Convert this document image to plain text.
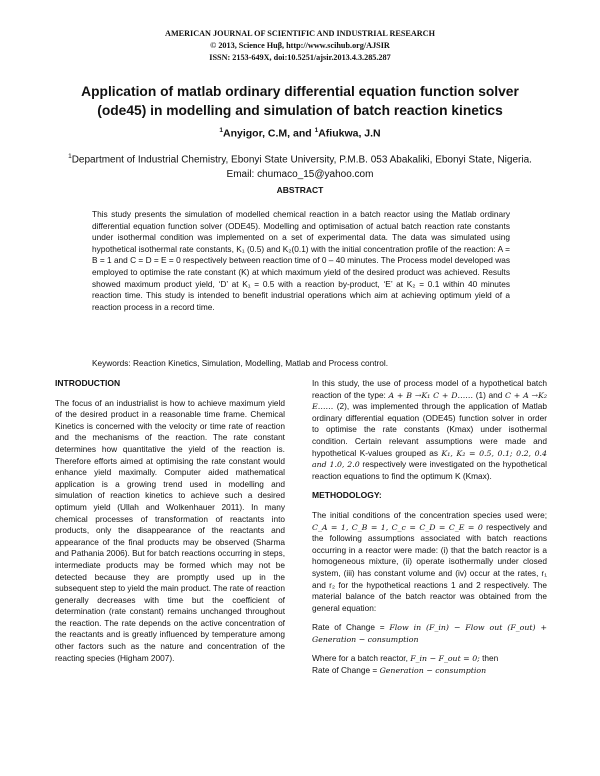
AMERICAN JOURNAL OF SCIENTIFIC AND INDUSTRIAL RESEARCH
© 2013, Science Huβ, http://www.scihub.org/AJSIR
ISSN: 2153-649X, doi:10.5251/ajsir.2013.4.3.285.287
Application of matlab ordinary differential equation function solver (ode45) in modelling and simulation of batch reaction kinetics
$^1$Anyigor, C.M, and $^1$Afiukwa, J.N
$^1$Department of Industrial Chemistry, Ebonyi State University, P.M.B. 053 Abakaliki, Ebonyi State, Nigeria. Email: chumaco_15@yahoo.com
ABSTRACT
This study presents the simulation of modelled chemical reaction in a batch reactor using the Matlab ordinary differential equation function solver (ODE45). Modelling and optimisation of actual batch reaction rate constants under isothermal condition was implemented on a set of experimental data. The data was simulated using hypothetical isothermal rate constants, K₁ (0.5) and K₂(0.1) with the initial concentration profile of the reaction: A = B = 1 and C = D = E = 0 respectively between reaction time of 0 – 40 minutes. The Process model developed was employed to optimise the rate constant (K) at which maximum yield of the desired product was achieved. Results showed maximum product yield, ‘D’ at K₁ = 0.5 with a reaction by-product, ‘E’ at K₂ = 0.1 within 40 minutes reaction time. This study is intended to benefit industrial operations which aim at achieving optimum yield of a reaction process in a record time.
Keywords: Reaction Kinetics, Simulation, Modelling, Matlab and Process control.
INTRODUCTION

The focus of an industrialist is how to achieve maximum yield of the desired product in a reasonable time frame. Chemical Kinetics is concerned with the velocity or time rate of reaction and the mechanisms of the reaction. The rate constant determines how quantitative the yield of the reaction is. Therefore efforts aimed at optimising the rate constant would enhance yield maximally. Computer aided mathematical application is a growing trend used in modelling and simulation of reaction kinetics to achieve such a desired optimum yield (Ullah and Wolkenhauer 2011). In many chemical processes of transformation of reactants into products, only the disappearance of the reactants and appearance of the final products may be observed (Sharma and Pathania 2006). But for batch reactions occurring in steps, intermediate products may be formed which may not be detected because they are promptly used up in the subsequent step to yield the main product. The rate of reaction generally decreases with time but the coefficient of determination (rate constant) remains unchanged throughout the reaction. The rate depends on the active concentration of the reactants and is greatly influenced by temperature among other factors such as the nature and concentration of the reacting species (Higham 2007).

In this study, the use of process model of a hypothetical batch reaction of the type: A + B →K₁ C + D…… (1) and C + A →K₂ E…… (2), was implemented through the application of Matlab ordinary differential equation (ODE45) function solver in order to optimise the rate constants (Kmax) under isothermal condition. Certain relevant assumptions were made and hypothetical K-values grouped as K₁, K₂ = 0.5, 0.1; 0.2, 0.4 and 1.0, 2.0 respectively were investigated on the hypothetical reaction equations to find the optimum K (Kmax).

METHODOLOGY:

The initial conditions of the concentration species used were; C_A = 1, C_B = 1, C_c = C_D = C_E = 0 respectively and the following assumptions associated with batch reactions occurring in a reactor were made: (i) that the batch reactor is a homogeneous mixture, (ii) operate isothermally under closed system, (iii) has constant volume and (iv) occur at the rates, r₁ and r₂ for the hypothetical reactions 1 and 2 respectively. The material balance of the batch reactor was obtained from the general equation:

Rate of Change = Flow in (F_in) − Flow out (F_out) + Generation − consumption

Where for a batch reactor, F_in − F_out = 0; then
Rate of Change = Generation − consumption
